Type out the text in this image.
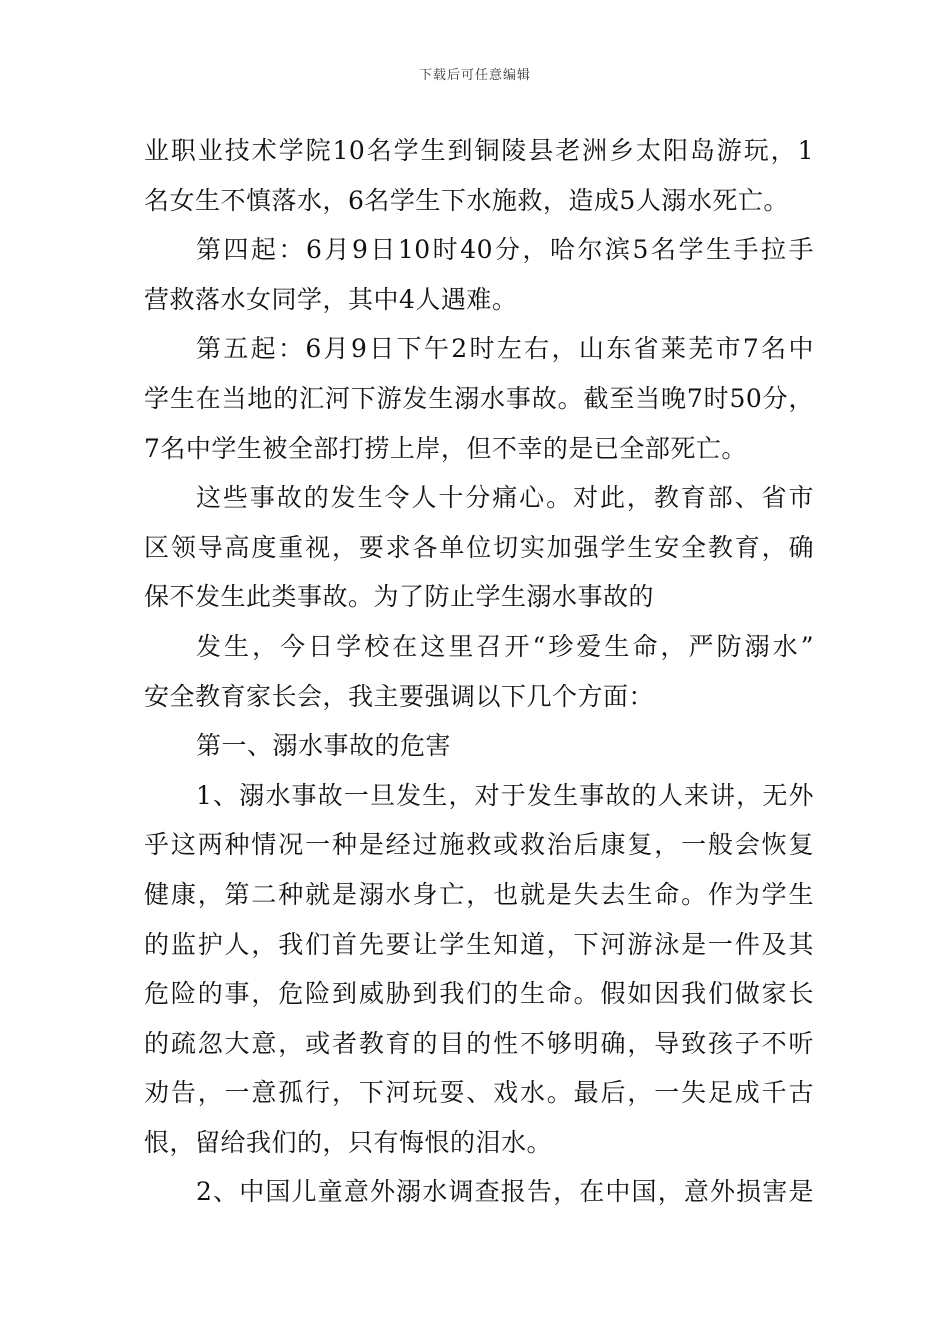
下载后可任意编辑
业职业技术学院10名学生到铜陵县老洲乡太阳岛游玩，1
名女生不慎落水，6名学生下水施救，造成5人溺水死亡。
第四起：6月9日10时40分，哈尔滨5名学生手拉手
营救落水女同学，其中4人遇难。
第五起：6月9日下午2时左右，山东省莱芜市7名中
学生在当地的汇河下游发生溺水事故。截至当晚7时50分，
7名中学生被全部打捞上岸，但不幸的是已全部死亡。
这些事故的发生令人十分痛心。对此，教育部、省市
区领导高度重视，要求各单位切实加强学生安全教育，确
保不发生此类事故。为了防止学生溺水事故的
发生，今日学校在这里召开“珍爱生命，严防溺水”
安全教育家长会，我主要强调以下几个方面：
第一、溺水事故的危害
1、溺水事故一旦发生，对于发生事故的人来讲，无外
乎这两种情况一种是经过施救或救治后康复，一般会恢复
健康，第二种就是溺水身亡，也就是失去生命。作为学生
的监护人，我们首先要让学生知道，下河游泳是一件及其
危险的事，危险到威胁到我们的生命。假如因我们做家长
的疏忽大意，或者教育的目的性不够明确，导致孩子不听
劝告，一意孤行，下河玩耍、戏水。最后，一失足成千古
恨，留给我们的，只有悔恨的泪水。
2、中国儿童意外溺水调查报告，在中国，意外损害是
